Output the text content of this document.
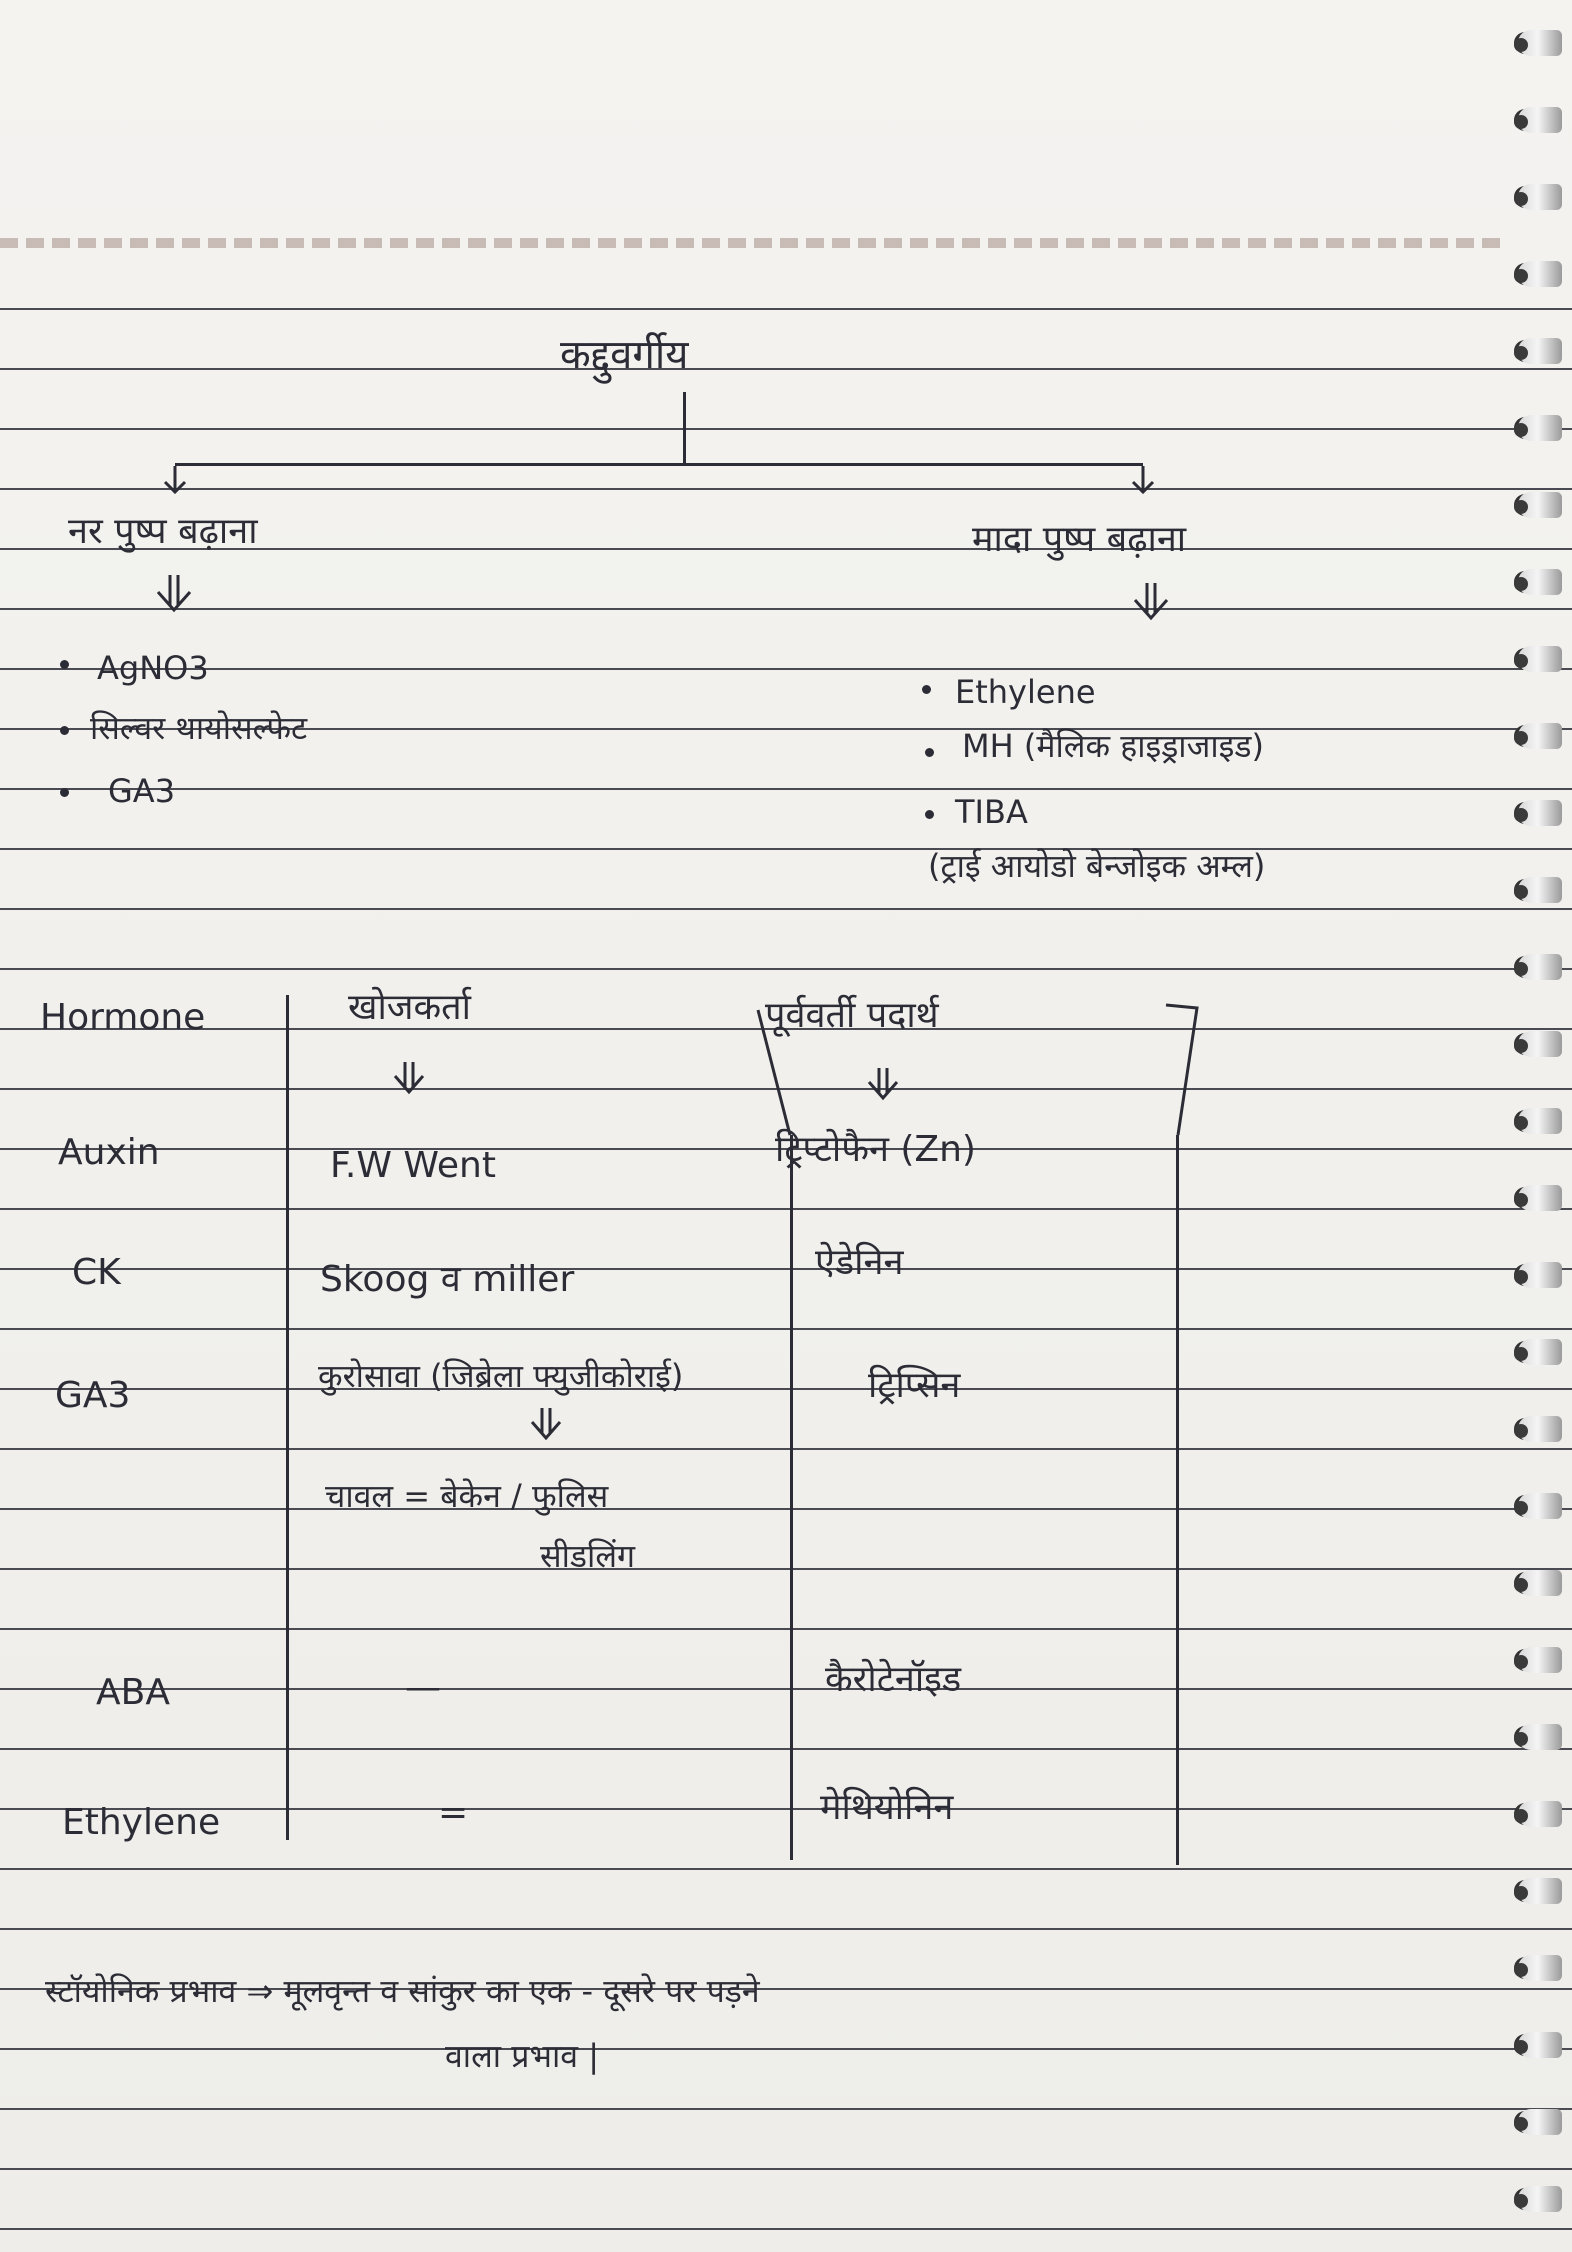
कद्दुवर्गीय
नर पुष्प बढ़ाना	मादा पुष्प बढ़ाना
AgNO3
सिल्वर थायोसल्फेट
GA3
Ethylene
MH (मैलिक हाइड्राजाइड)
TIBA
(ट्राई आयोडो बेन्जोइक अम्ल)
Hormone	खोजकर्ता	पूर्ववर्ती पदार्थ
Auxin	F.W Went	ट्रिप्टोफैन (Zn)
CK	Skoog व miller	ऐडेनिन
GA3	कुरोसावा (जिब्रेला फ्युजीकोराई)	ट्रिप्सिन
चावल = बेकेन / फुलिस
सीडलिंग
ABA	—	कैरोटेनॉइड
Ethylene	=	मेथियोनिन
स्टॉयोनिक प्रभाव ⇒ मूलवृन्त व सांकुर का एक - दूसरे पर पड़ने
वाला प्रभाव |
